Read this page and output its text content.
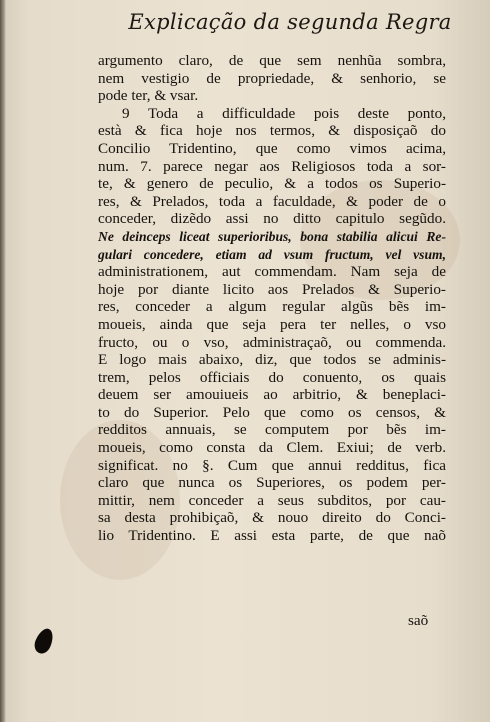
Explicação da segunda Regra
argumento claro, de que sem nenhũa sombra,
nem vestigio de propriedade, & senhorio, se
pode ter, & vsar.
9 Toda a difficuldade pois deste ponto,
està & fica hoje nos termos, & disposiçaõ do
Concilio Tridentino, que como vimos acima,
num. 7. parece negar aos Religiosos toda a sor-
te, & genero de peculio, & a todos os Superio-
res, & Prelados, toda a faculdade, & poder de o
conceder, dizẽdo assi no ditto capitulo segũdo.
Ne deinceps liceat superioribus, bona stabilia alicui Re-
gulari concedere, etiam ad vsum fructum, vel vsum,
administrationem, aut commendam. Nam seja de
hoje por diante licito aos Prelados & Superio-
res, conceder a algum regular algũs bẽs im-
moueis, ainda que seja pera ter nelles, o vso
fructo, ou o vso, administraçaõ, ou commenda.
E logo mais abaixo, diz, que todos se adminis-
trem, pelos officiais do conuento, os quais
deuem ser amouiueis ao arbitrio, & beneplaci-
to do Superior. Pelo que como os censos, &
redditos annuais, se computem por bẽs im-
moueis, como consta da Clem. Exiui; de verb.
significat. no §. Cum que annui redditus, fica
claro que nunca os Superiores, os podem per-
mittir, nem conceder a seus subditos, por cau-
sa desta prohibiçaõ, & nouo direito do Conci-
lio Tridentino. E assi esta parte, de que naõ
saõ
